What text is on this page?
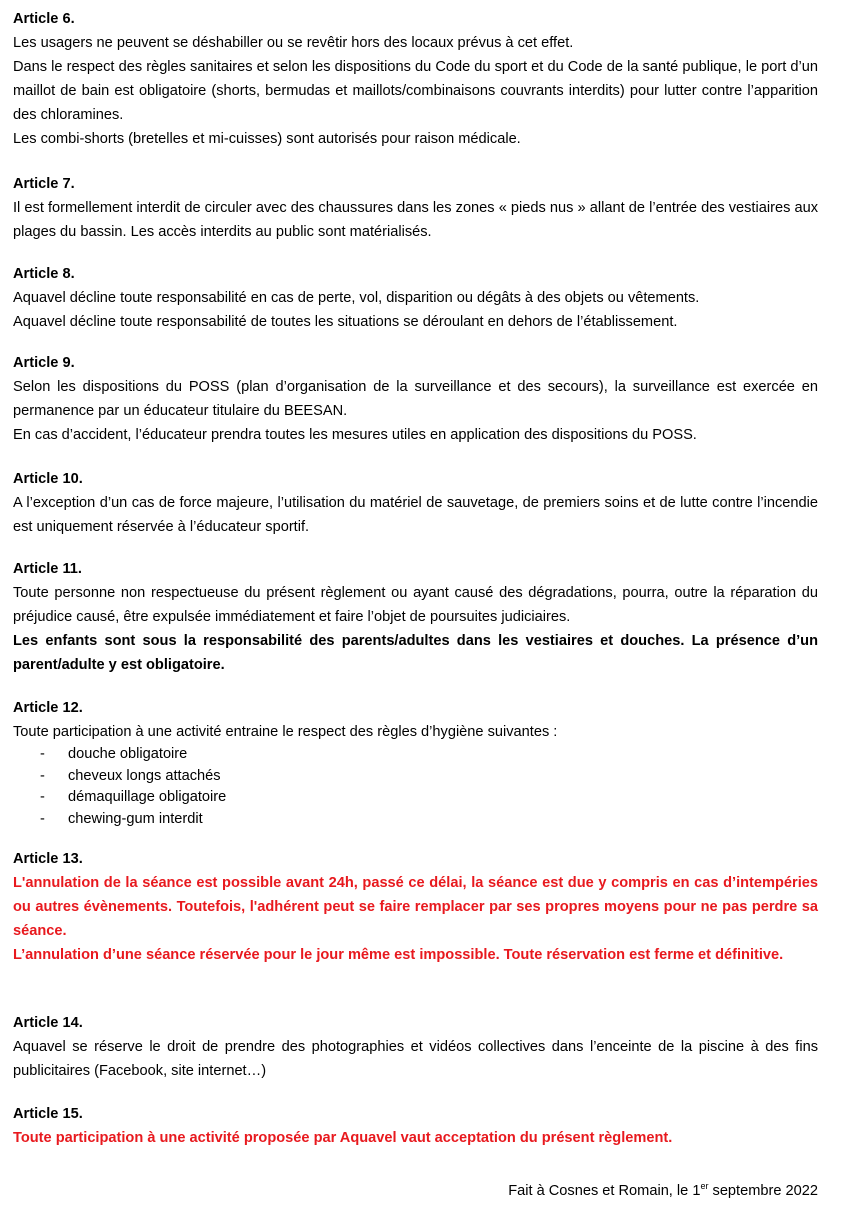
Article 6.

Les usagers ne peuvent se déshabiller ou se revêtir hors des locaux prévus à cet effet.

Dans le respect des règles sanitaires et selon les dispositions du Code du sport et du Code de la santé publique, le port d’un maillot de bain est obligatoire (shorts, bermudas et maillots/combinaisons couvrants interdits) pour lutter contre l’apparition des chloramines.

Les combi-shorts (bretelles et mi-cuisses) sont autorisés pour raison médicale.

Article 7.

Il est formellement interdit de circuler avec des chaussures dans les zones « pieds nus » allant de l’entrée des vestiaires aux plages du bassin. Les accès interdits au public sont matérialisés.

Article 8.

Aquavel décline toute responsabilité en cas de perte, vol, disparition ou dégâts à des objets ou vêtements.

Aquavel décline toute responsabilité de toutes les situations se déroulant en dehors de l’établissement.

Article 9.

Selon les dispositions du POSS (plan d’organisation de la surveillance et des secours), la surveillance est exercée en permanence par un éducateur titulaire du BEESAN.

En cas d’accident, l’éducateur prendra toutes les mesures utiles en application des dispositions du POSS.

Article 10.

A l’exception d’un cas de force majeure, l’utilisation du matériel de sauvetage, de premiers soins et de lutte contre l’incendie est uniquement réservée à l’éducateur sportif.

Article 11.

Toute personne non respectueuse du présent règlement ou ayant causé des dégradations, pourra, outre la réparation du préjudice causé, être expulsée immédiatement et faire l’objet de poursuites judiciaires.

Les enfants sont sous la responsabilité des parents/adultes dans les vestiaires et douches. La présence d’un parent/adulte y est obligatoire.

Article 12.

Toute participation à une activité entraine le respect des règles d’hygiène suivantes :

- douche obligatoire
- cheveux longs attachés
- démaquillage obligatoire
- chewing-gum interdit
Article 13.

L'annulation de la séance est possible avant 24h, passé ce délai, la séance est due y compris en cas d’intempéries ou autres évènements. Toutefois, l'adhérent peut se faire remplacer par ses propres moyens pour ne pas perdre sa séance.

L’annulation d’une séance réservée pour le jour même est impossible. Toute réservation est ferme et définitive.

Article 14.

Aquavel se réserve le droit de prendre des photographies et vidéos collectives dans l’enceinte de la piscine à des fins publicitaires (Facebook, site internet…)

Article 15.

Toute participation à une activité proposée par Aquavel vaut acceptation du présent règlement.

Fait à Cosnes et Romain, le 1er septembre 2022
